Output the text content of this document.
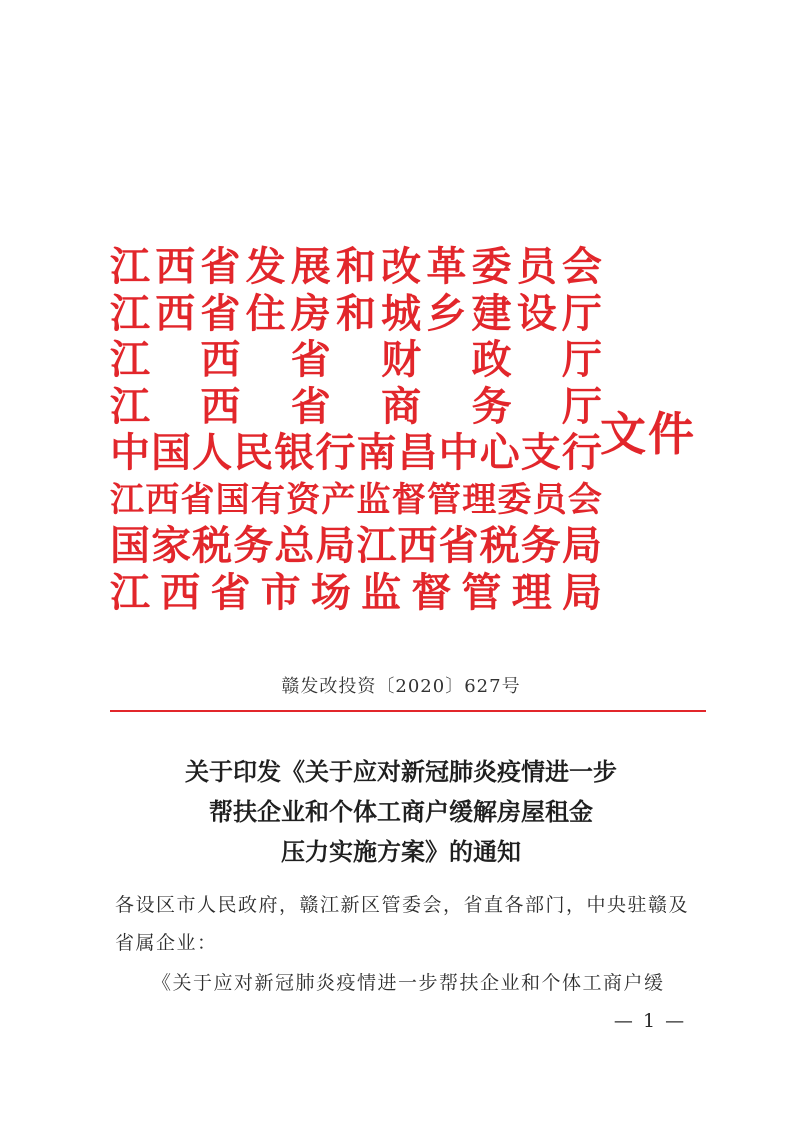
江 西 省 发 展 和 改 革 委 员 会
江 西 省 住 房 和 城 乡 建 设 厅
江 西 省 财 政 厅
江 西 省 商 务 厅
中 国 人 民 银 行 南 昌 中 心 支 行
江 西 省 国 有 资 产 监 督 管 理 委 员 会
国 家 税 务 总 局 江 西 省 税 务 局
江 西 省 市 场 监 督 管 理 局
文件
赣发改投资〔2020〕627号
关于印发《关于应对新冠肺炎疫情进一步
帮扶企业和个体工商户缓解房屋租金
压力实施方案》的通知
各设区市人民政府，赣江新区管委会，省直各部门，中央驻赣及
省属企业：
《关于应对新冠肺炎疫情进一步帮扶企业和个体工商户缓
— 1 —
